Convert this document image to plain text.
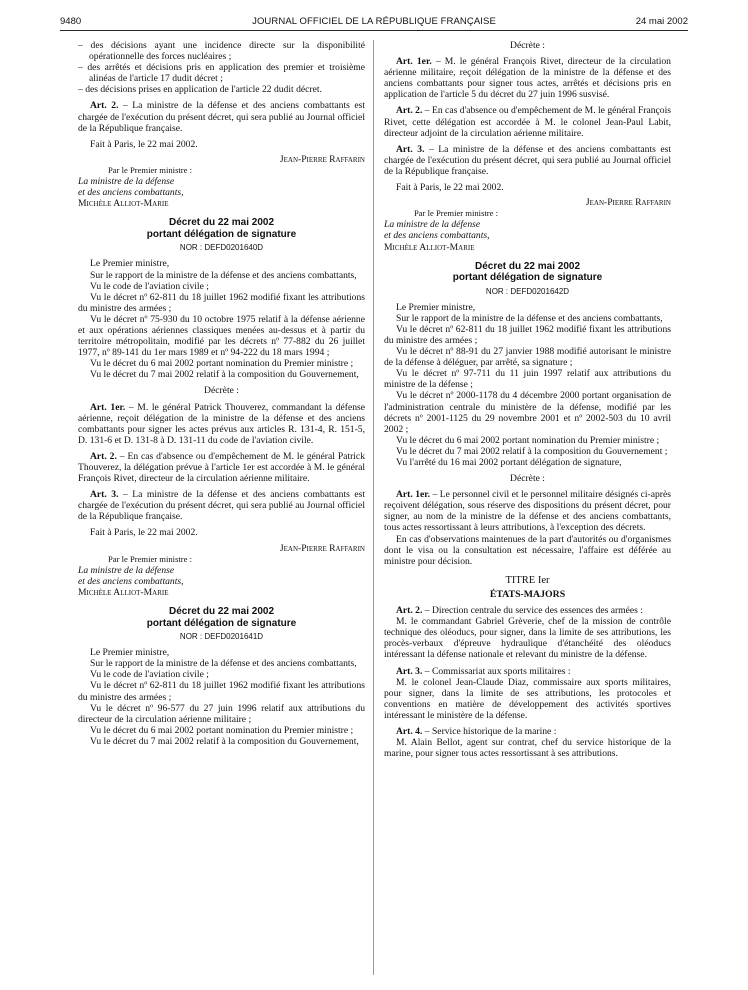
9480	JOURNAL OFFICIEL DE LA RÉPUBLIQUE FRANÇAISE	24 mai 2002

– des décisions ayant une incidence directe sur la disponibilité opérationnelle des forces nucléaires ;

– des arrêtés et décisions pris en application des premier et troisième alinéas de l'article 17 dudit décret ;

– des décisions prises en application de l'article 22 dudit décret.

Art. 2. – La ministre de la défense et des anciens combattants est chargée de l'exécution du présent décret, qui sera publié au Journal officiel de la République française.

Fait à Paris, le 22 mai 2002.

Jean-Pierre Raffarin

Par le Premier ministre :

La ministre de la défense

et des anciens combattants,

Michèle Alliot-Marie

Décret du 22 mai 2002

portant délégation de signature

NOR : DEFD0201640D

Le Premier ministre,

Sur le rapport de la ministre de la défense et des anciens combattants,

Vu le code de l'aviation civile ;

Vu le décret nº 62-811 du 18 juillet 1962 modifié fixant les attributions du ministre des armées ;

Vu le décret nº 75-930 du 10 octobre 1975 relatif à la défense aérienne et aux opérations aériennes classiques menées au-dessus et à partir du territoire métropolitain, modifié par les décrets nº 77-882 du 26 juillet 1977, nº 89-141 du 1er mars 1989 et nº 94-222 du 18 mars 1994 ;

Vu le décret du 6 mai 2002 portant nomination du Premier ministre ;

Vu le décret du 7 mai 2002 relatif à la composition du Gouvernement,

Décrète :

Art. 1er. – M. le général Patrick Thouverez, commandant la défense aérienne, reçoit délégation de la ministre de la défense et des anciens combattants pour signer les actes prévus aux articles R. 131-4, R. 151-5, D. 131-6 et D. 131-8 à D. 131-11 du code de l'aviation civile.

Art. 2. – En cas d'absence ou d'empêchement de M. le général Patrick Thouverez, la délégation prévue à l'article 1er est accordée à M. le général François Rivet, directeur de la circulation aérienne militaire.

Art. 3. – La ministre de la défense et des anciens combattants est chargée de l'exécution du présent décret, qui sera publié au Journal officiel de la République française.

Fait à Paris, le 22 mai 2002.

Jean-Pierre Raffarin

Par le Premier ministre :

La ministre de la défense

et des anciens combattants,

Michèle Alliot-Marie

Décret du 22 mai 2002

portant délégation de signature

NOR : DEFD0201641D

Le Premier ministre,

Sur le rapport de la ministre de la défense et des anciens combattants,

Vu le code de l'aviation civile ;

Vu le décret nº 62-811 du 18 juillet 1962 modifié fixant les attributions du ministre des armées ;

Vu le décret nº 96-577 du 27 juin 1996 relatif aux attributions du directeur de la circulation aérienne militaire ;

Vu le décret du 6 mai 2002 portant nomination du Premier ministre ;

Vu le décret du 7 mai 2002 relatif à la composition du Gouvernement,

Décrète :

Art. 1er. – M. le général François Rivet, directeur de la circulation aérienne militaire, reçoit délégation de la ministre de la défense et des anciens combattants pour signer tous actes, arrêtés et décisions pris en application de l'article 5 du décret du 27 juin 1996 susvisé.

Art. 2. – En cas d'absence ou d'empêchement de M. le général François Rivet, cette délégation est accordée à M. le colonel Jean-Paul Labit, directeur adjoint de la circulation aérienne militaire.

Art. 3. – La ministre de la défense et des anciens combattants est chargée de l'exécution du présent décret, qui sera publié au Journal officiel de la République française.

Fait à Paris, le 22 mai 2002.

Jean-Pierre Raffarin

Par le Premier ministre :

La ministre de la défense

et des anciens combattants,

Michèle Alliot-Marie

Décret du 22 mai 2002

portant délégation de signature

NOR : DEFD0201642D

Le Premier ministre,

Sur le rapport de la ministre de la défense et des anciens combattants,

Vu le décret nº 62-811 du 18 juillet 1962 modifié fixant les attributions du ministre des armées ;

Vu le décret nº 88-91 du 27 janvier 1988 modifié autorisant le ministre de la défense à déléguer, par arrêté, sa signature ;

Vu le décret nº 97-711 du 11 juin 1997 relatif aux attributions du ministre de la défense ;

Vu le décret nº 2000-1178 du 4 décembre 2000 portant organisation de l'administration centrale du ministère de la défense, modifié par les décrets nº 2001-1125 du 29 novembre 2001 et nº 2002-503 du 10 avril 2002 ;

Vu le décret du 6 mai 2002 portant nomination du Premier ministre ;

Vu le décret du 7 mai 2002 relatif à la composition du Gouvernement ;

Vu l'arrêté du 16 mai 2002 portant délégation de signature,

Décrète :

Art. 1er. – Le personnel civil et le personnel militaire désignés ci-après reçoivent délégation, sous réserve des dispositions du présent décret, pour signer, au nom de la ministre de la défense et des anciens combattants, tous actes ressortissant à leurs attributions, à l'exception des décrets.

En cas d'observations maintenues de la part d'autorités ou d'organismes dont le visa ou la consultation est nécessaire, l'affaire est déférée au ministre pour décision.

TITRE Ier

ÉTATS-MAJORS

Art. 2. – Direction centrale du service des essences des armées :

M. le commandant Gabriel Grèverie, chef de la mission de contrôle technique des oléoducs, pour signer, dans la limite de ses attributions, les procès-verbaux d'épreuve hydraulique d'étanchéité des oléoducs intéressant la défense nationale et relevant du ministre de la défense.

Art. 3. – Commissariat aux sports militaires :

M. le colonel Jean-Claude Diaz, commissaire aux sports militaires, pour signer, dans la limite de ses attributions, les protocoles et conventions en matière de développement des activités sportives intéressant le ministère de la défense.

Art. 4. – Service historique de la marine :

M. Alain Bellot, agent sur contrat, chef du service historique de la marine, pour signer tous actes ressortissant à ses attributions.
